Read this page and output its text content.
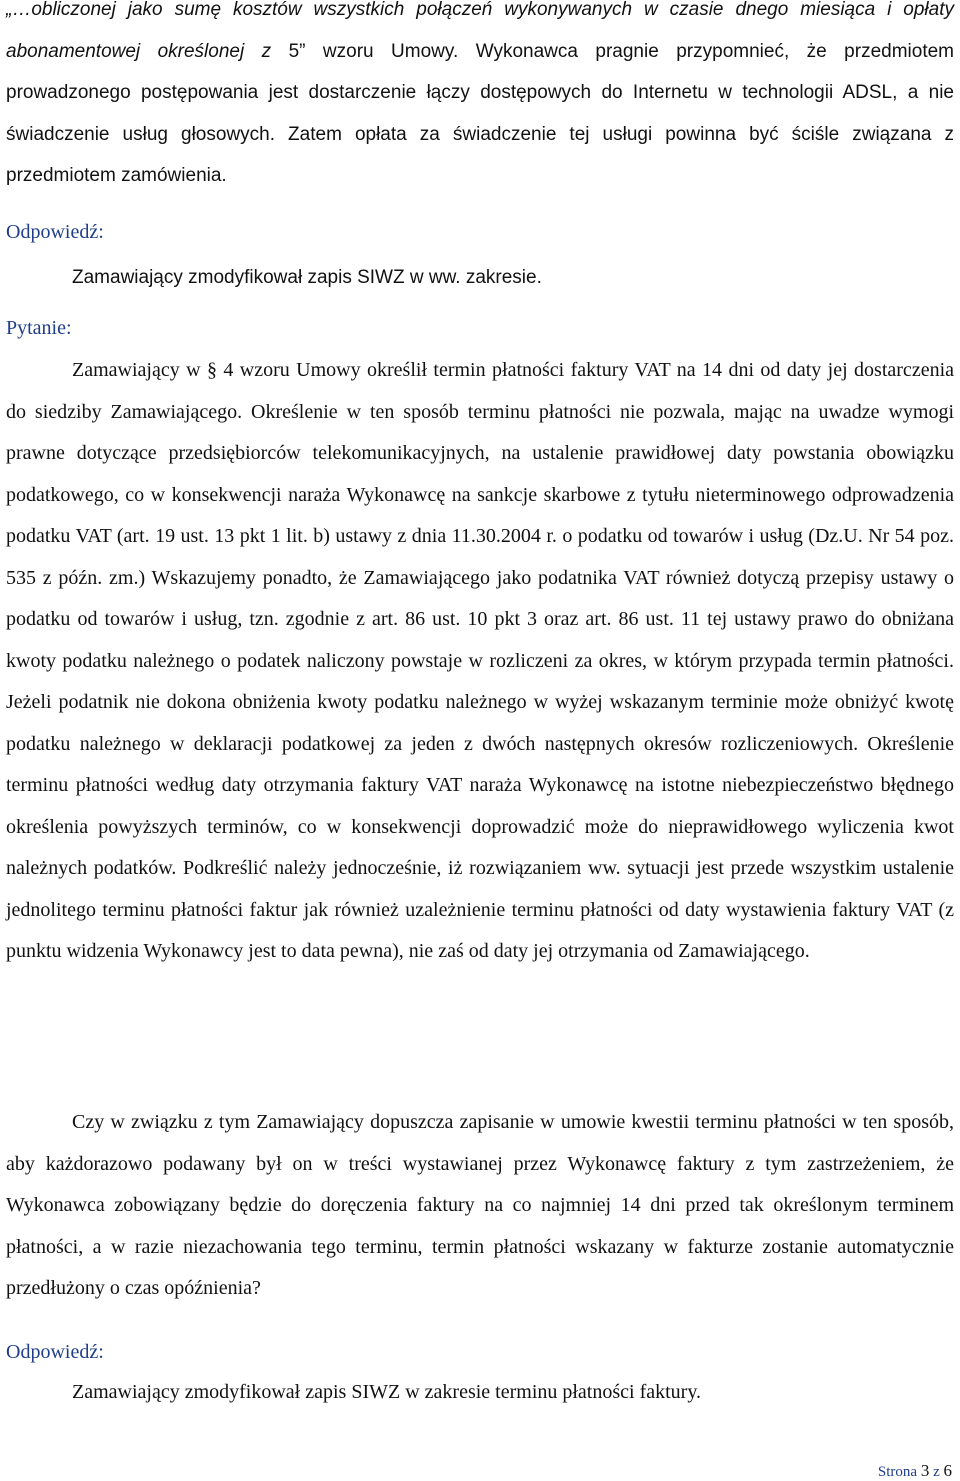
„…obliczonej jako sumę kosztów wszystkich połączeń wykonywanych w czasie dnego miesiąca i opłaty abonamentowej określonej z 5” wzoru Umowy. Wykonawca pragnie przypomnieć, że przedmiotem prowadzonego postępowania jest dostarczenie łączy dostępowych do Internetu w technologii ADSL, a nie świadczenie usług głosowych. Zatem opłata za świadczenie tej usługi powinna być ściśle związana z przedmiotem zamówienia.

Odpowiedź:

Zamawiający zmodyfikował zapis SIWZ w ww. zakresie.

Pytanie:

Zamawiający w § 4 wzoru Umowy określił termin płatności faktury VAT na 14 dni od daty jej dostarczenia do siedziby Zamawiającego. Określenie w ten sposób terminu płatności nie pozwala, mając na uwadze wymogi prawne dotyczące przedsiębiorców telekomunikacyjnych, na ustalenie prawidłowej daty powstania obowiązku podatkowego, co w konsekwencji naraża Wykonawcę na sankcje skarbowe z tytułu nieterminowego odprowadzenia podatku VAT (art. 19 ust. 13 pkt 1 lit. b) ustawy z dnia 11.30.2004 r. o podatku od towarów i usług (Dz.U. Nr 54 poz. 535 z późn. zm.) Wskazujemy ponadto, że Zamawiającego jako podatnika VAT również dotyczą przepisy ustawy o podatku od towarów i usług, tzn. zgodnie z art. 86 ust. 10 pkt 3 oraz art. 86 ust. 11 tej ustawy prawo do obniżana kwoty podatku należnego o podatek naliczony powstaje w rozliczeni za okres, w którym przypada termin płatności. Jeżeli podatnik nie dokona obniżenia kwoty podatku należnego w wyżej wskazanym terminie może obniżyć kwotę podatku należnego w deklaracji podatkowej za jeden z dwóch następnych okresów rozliczeniowych. Określenie terminu płatności według daty otrzymania faktury VAT naraża Wykonawcę na istotne niebezpieczeństwo błędnego określenia powyższych terminów, co w konsekwencji doprowadzić może do nieprawidłowego wyliczenia kwot należnych podatków. Podkreślić należy jednocześnie, iż rozwiązaniem ww. sytuacji jest przede wszystkim ustalenie jednolitego terminu płatności faktur jak również uzależnienie terminu płatności od daty wystawienia faktury VAT (z punktu widzenia Wykonawcy jest to data pewna), nie zaś od daty jej otrzymania od Zamawiającego.

Czy w związku z tym Zamawiający dopuszcza zapisanie w umowie kwestii terminu płatności w ten sposób, aby każdorazowo podawany był on w treści wystawianej przez Wykonawcę faktury z tym zastrzeżeniem, że Wykonawca zobowiązany będzie do doręczenia faktury na co najmniej 14 dni przed tak określonym terminem płatności, a w razie niezachowania tego terminu, termin płatności wskazany w fakturze zostanie automatycznie przedłużony o czas opóźnienia?

Odpowiedź:

Zamawiający zmodyfikował zapis SIWZ w zakresie terminu płatności faktury.

Strona 3 z 6
